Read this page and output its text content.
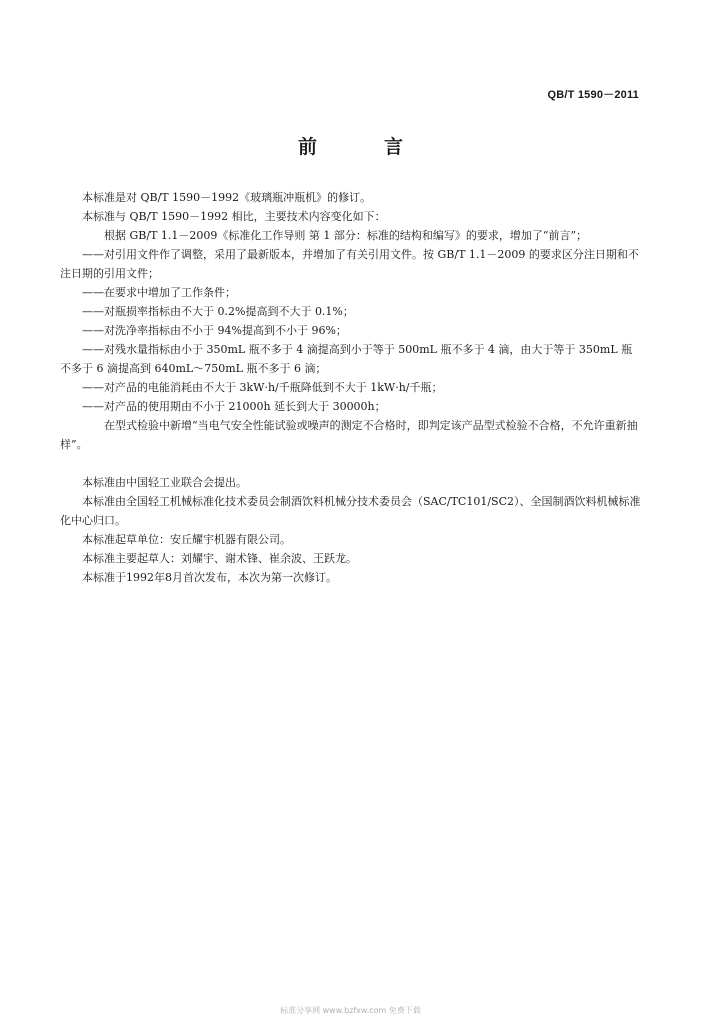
QB/T 1590－2011
前　言

本标准是对 QB/T 1590－1992《玻璃瓶冲瓶机》的修订。

本标准与 QB/T 1590－1992 相比，主要技术内容变化如下：

根据 GB/T 1.1－2009《标准化工作导则 第 1 部分：标准的结构和编写》的要求，增加了“前言”；

——对引用文件作了调整，采用了最新版本，并增加了有关引用文件。按 GB/T 1.1－2009 的要求区分注日期和不注日期的引用文件；

——在要求中增加了工作条件；

——对瓶损率指标由不大于 0.2%提高到不大于 0.1%；

——对洗净率指标由不小于 94%提高到不小于 96%；

——对残水量指标由小于 350mL 瓶不多于 4 滴提高到小于等于 500mL 瓶不多于 4 滴，由大于等于 350mL 瓶不多于 6 滴提高到 640mL～750mL 瓶不多于 6 滴；

——对产品的电能消耗由不大于 3kW·h/千瓶降低到不大于 1kW·h/千瓶；

——对产品的使用期由不小于 21000h 延长到大于 30000h；

在型式检验中新增“当电气安全性能试验或噪声的测定不合格时，即判定该产品型式检验不合格，不允许重新抽样”。

本标准由中国轻工业联合会提出。

本标准由全国轻工机械标准化技术委员会制酒饮料机械分技术委员会（SAC/TC101/SC2）、全国制酒饮料机械标准化中心归口。

本标准起草单位：安丘耀宇机器有限公司。

本标准主要起草人：刘耀宇、谢术锋、崔余波、王跃龙。

本标准于1992年8月首次发布，本次为第一次修订。

标准分享网 www.bzfxw.com 免费下载
